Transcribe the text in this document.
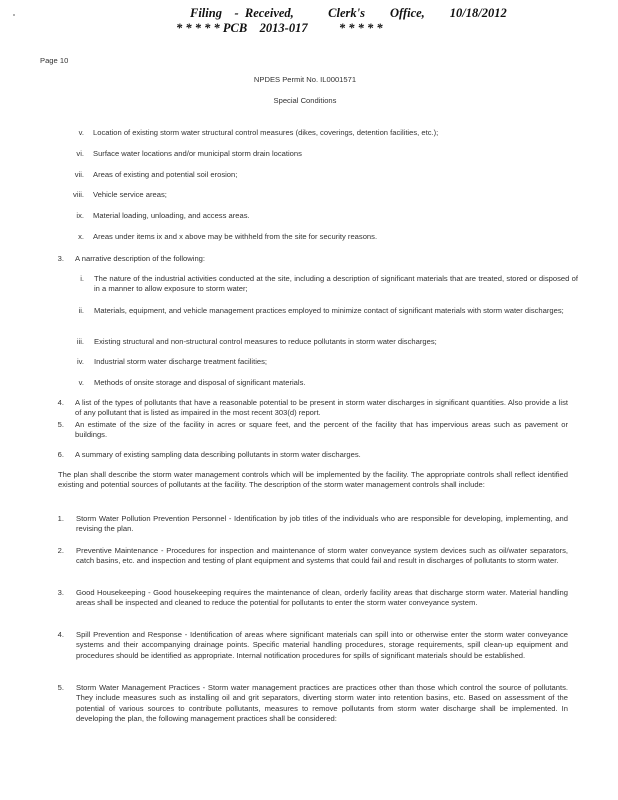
Filing    -  Received,           Clerk's        Office,        10/18/2012
* * * * * PCB    2013-017          * * * * *
Page 10
NPDES Permit No. IL0001571
Special Conditions
v. Location of existing storm water structural control measures (dikes, coverings, detention facilities, etc.);
vi. Surface water locations and/or municipal storm drain locations
vii. Areas of existing and potential soil erosion;
viii. Vehicle service areas;
ix. Material loading, unloading, and access areas.
x. Areas under items ix and x above may be withheld from the site for security reasons.
3. A narrative description of the following:
i. The nature of the industrial activities conducted at the site, including a description of significant materials that are treated, stored or disposed of in a manner to allow exposure to storm water;
ii. Materials, equipment, and vehicle management practices employed to minimize contact of significant materials with storm water discharges;
iii. Existing structural and non-structural control measures to reduce pollutants in storm water discharges;
iv. Industrial storm water discharge treatment facilities;
v. Methods of onsite storage and disposal of significant materials.
4. A list of the types of pollutants that have a reasonable potential to be present in storm water discharges in significant quantities. Also provide a list of any pollutant that is listed as impaired in the most recent 303(d) report.
5. An estimate of the size of the facility in acres or square feet, and the percent of the facility that has impervious areas such as pavement or buildings.
6. A summary of existing sampling data describing pollutants in storm water discharges.
The plan shall describe the storm water management controls which will be implemented by the facility. The appropriate controls shall reflect identified existing and potential sources of pollutants at the facility. The description of the storm water management controls shall include:
1. Storm Water Pollution Prevention Personnel - Identification by job titles of the individuals who are responsible for developing, implementing, and revising the plan.
2. Preventive Maintenance - Procedures for inspection and maintenance of storm water conveyance system devices such as oil/water separators, catch basins, etc. and inspection and testing of plant equipment and systems that could fail and result in discharges of pollutants to storm water.
3. Good Housekeeping - Good housekeeping requires the maintenance of clean, orderly facility areas that discharge storm water. Material handling areas shall be inspected and cleaned to reduce the potential for pollutants to enter the storm water conveyance system.
4. Spill Prevention and Response - Identification of areas where significant materials can spill into or otherwise enter the storm water conveyance systems and their accompanying drainage points. Specific material handling procedures, storage requirements, spill clean-up equipment and procedures should be identified as appropriate. Internal notification procedures for spills of significant materials should be established.
5. Storm Water Management Practices - Storm water management practices are practices other than those which control the source of pollutants. They include measures such as installing oil and grit separators, diverting storm water into retention basins, etc. Based on assessment of the potential of various sources to contribute pollutants, measures to remove pollutants from storm water discharge shall be implemented. In developing the plan, the following management practices shall be considered:
